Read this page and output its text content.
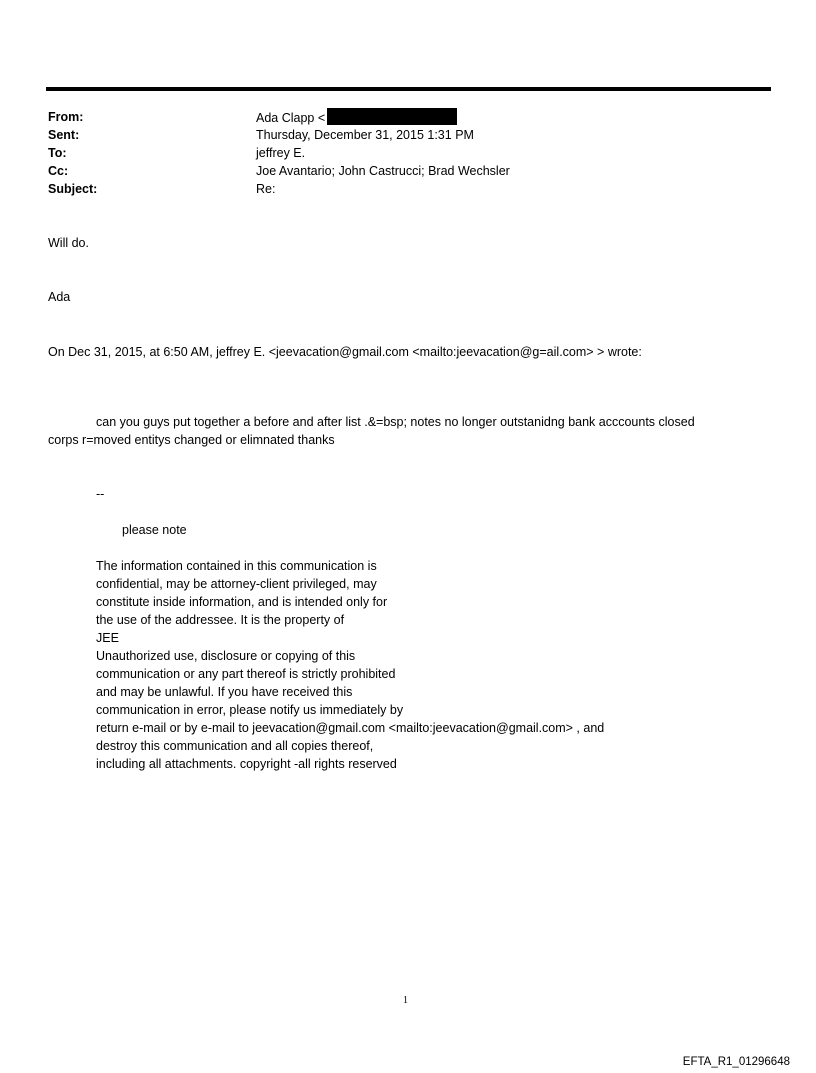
From:	Ada Clapp <
Sent:	Thursday, December 31, 2015 1:31 PM
To:	jeffrey E.
Cc:	Joe Avantario; John Castrucci; Brad Wechsler
Subject:	Re:
Will do.
Ada
On Dec 31, 2015, at 6:50 AM, jeffrey E. <jeevacation@gmail.com <mailto:jeevacation@g=ail.com> > wrote:
can you guys put together a before and after list .&=bsp; notes no longer outstanidng bank acccounts closed
corps r=moved entitys changed or elimnated thanks
--
please note
The information contained in this communication is
confidential, may be attorney-client privileged, may
constitute inside information, and is intended only for
the use of the addressee. It is the property of
JEE
Unauthorized use, disclosure or copying of this
communication or any part thereof is strictly prohibited
and may be unlawful. If you have received this
communication in error, please notify us immediately by
return e-mail or by e-mail to jeevacation@gmail.com <mailto:jeevacation@gmail.com> , and
destroy this communication and all copies thereof,
including all attachments. copyright -all rights reserved
1
EFTA_R1_01296648
